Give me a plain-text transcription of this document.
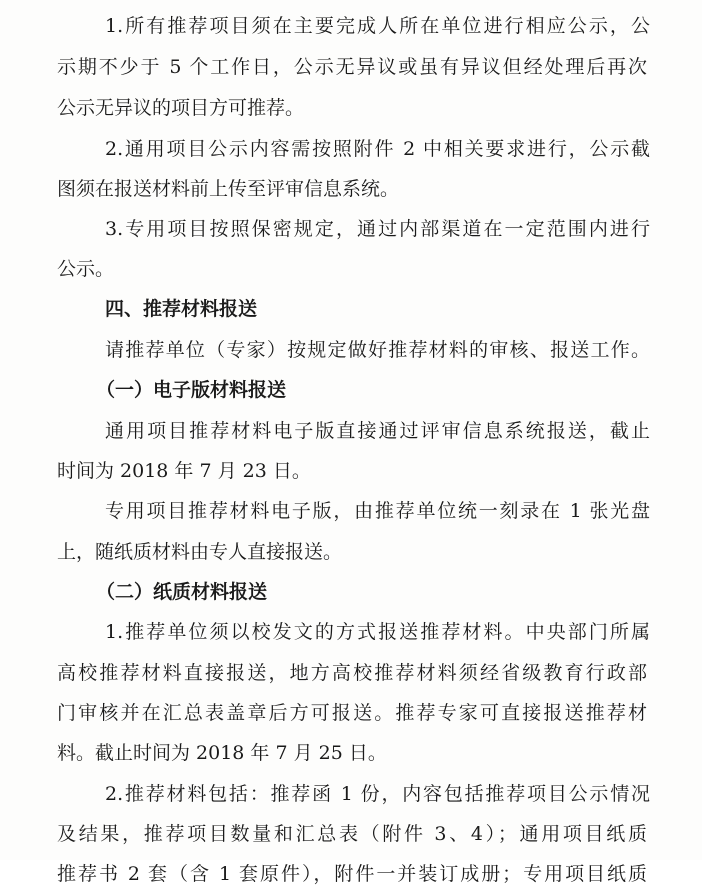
1.所有推荐项目须在主要完成人所在单位进行相应公示，公
示期不少于 5 个工作日，公示无异议或虽有异议但经处理后再次
公示无异议的项目方可推荐。
2.通用项目公示内容需按照附件 2 中相关要求进行，公示截
图须在报送材料前上传至评审信息系统。
3.专用项目按照保密规定，通过内部渠道在一定范围内进行
公示。
四、推荐材料报送
请推荐单位（专家）按规定做好推荐材料的审核、报送工作。
（一）电子版材料报送
通用项目推荐材料电子版直接通过评审信息系统报送，截止
时间为 2018 年 7 月 23 日。
专用项目推荐材料电子版，由推荐单位统一刻录在 1 张光盘
上，随纸质材料由专人直接报送。
（二）纸质材料报送
1.推荐单位须以校发文的方式报送推荐材料。中央部门所属
高校推荐材料直接报送，地方高校推荐材料须经省级教育行政部
门审核并在汇总表盖章后方可报送。推荐专家可直接报送推荐材
料。截止时间为 2018 年 7 月 25 日。
2.推荐材料包括：推荐函 1 份，内容包括推荐项目公示情况
及结果，推荐项目数量和汇总表（附件 3、4）；通用项目纸质
推荐书 2 套（含 1 套原件），附件一并装订成册；专用项目纸质
